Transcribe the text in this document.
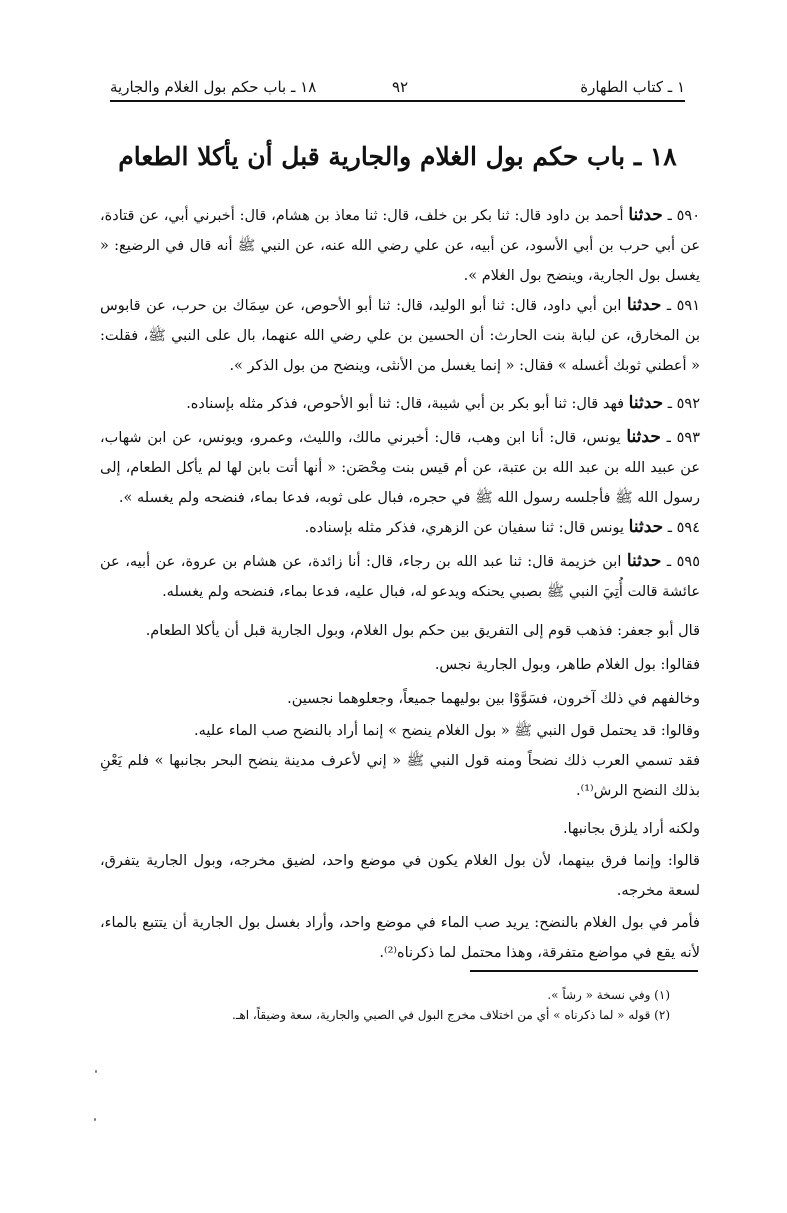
١ ـ كتاب الطهارة
٩٢
١٨ ـ باب حكم بول الغلام والجارية
١٨ ـ باب حكم بول الغلام والجارية قبل أن يأكلا الطعام
٥٩٠ ـ حدثنا أحمد بن داود قال: ثنا بكر بن خلف، قال: ثنا معاذ بن هشام، قال: أخبرني أبي، عن قتادة، عن أبي حرب بن أبي الأسود، عن أبيه، عن علي رضي الله عنه، عن النبي ﷺ أنه قال في الرضيع: « يغسل بول الجارية، وينضح بول الغلام ».
٥٩١ ـ حدثنا ابن أبي داود، قال: ثنا أبو الوليد، قال: ثنا أبو الأحوص، عن سِمَاك بن حرب، عن قابوس بن المخارق، عن لبابة بنت الحارث: أن الحسين بن علي رضي الله عنهما، بال على النبي ﷺ، فقلت: « أعطني ثوبك أغسله » فقال: « إنما يغسل من الأنثى، وينضح من بول الذكر ».
٥٩٢ ـ حدثنا فهد قال: ثنا أبو بكر بن أبي شيبة، قال: ثنا أبو الأحوص، فذكر مثله بإسناده.
٥٩٣ ـ حدثنا يونس، قال: أنا ابن وهب، قال: أخبرني مالك، والليث، وعمرو، ويونس، عن ابن شهاب، عن عبيد الله بن عبد الله بن عتبة، عن أم قيس بنت مِحْصَن: « أنها أتت بابن لها لم يأكل الطعام، إلى رسول الله ﷺ فأجلسه رسول الله ﷺ في حجره، فبال على ثوبه، فدعا بماء، فنضحه ولم يغسله ».
٥٩٤ ـ حدثنا يونس قال: ثنا سفيان عن الزهري، فذكر مثله بإسناده.
٥٩٥ ـ حدثنا ابن خزيمة قال: ثنا عبد الله بن رجاء، قال: أنا زائدة، عن هشام بن عروة، عن أبيه، عن عائشة قالت أُتِيَ النبي ﷺ بصبي يحنكه ويدعو له، فبال عليه، فدعا بماء، فنضحه ولم يغسله.
قال أبو جعفر: فذهب قوم إلى التفريق بين حكم بول الغلام، وبول الجارية قبل أن يأكلا الطعام.
فقالوا: بول الغلام طاهر، وبول الجارية نجس.
وخالفهم في ذلك آخرون، فسَوَّوْا بين بوليهما جميعاً، وجعلوهما نجسين.
وقالوا: قد يحتمل قول النبي ﷺ « بول الغلام ينضح » إنما أراد بالنضح صب الماء عليه.
فقد تسمي العرب ذلك نضحاً ومنه قول النبي ﷺ « إني لأعرف مدينة ينضح البحر بجانبها » فلم يَعْنِ بذلك النضح الرش⁽¹⁾.
ولكنه أراد يلزق بجانبها.
قالوا: وإنما فرق بينهما، لأن بول الغلام يكون في موضع واحد، لضيق مخرجه، وبول الجارية يتفرق، لسعة مخرجه.
فأمر في بول الغلام بالنضح: يريد صب الماء في موضع واحد، وأراد بغسل بول الجارية أن يتتبع بالماء، لأنه يقع في مواضع متفرقة، وهذا محتمل لما ذكرناه⁽²⁾.
(١) وفي نسخة « رشاً ».
(٢) قوله « لما ذكرناه » أي من اختلاف مخرج البول في الصبي والجارية، سعة وضيقاً، اهـ.
